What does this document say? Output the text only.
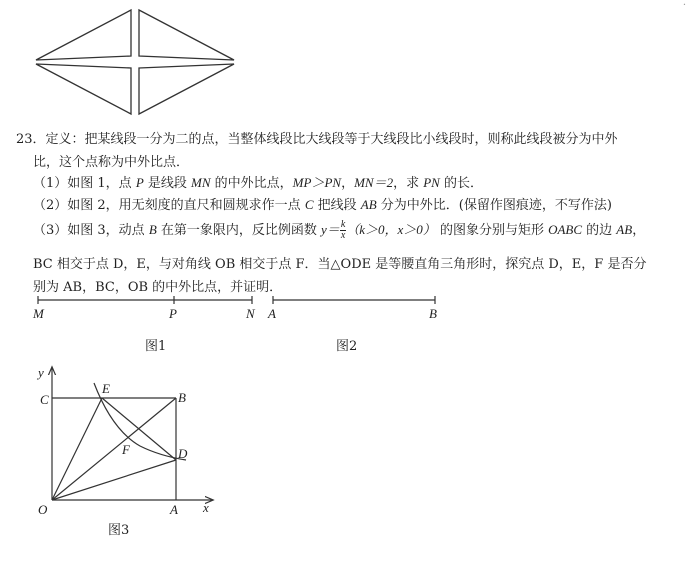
·
23．定义：把某线段一分为二的点，当整体线段比大线段等于大线段比小线段时，则称此线段被分为中外
比，这个点称为中外比点．
（1）如图 1，点 P 是线段 MN 的中外比点，MP＞PN，MN＝2，求 PN 的长．
（2）如图 2，用无刻度的直尺和圆规求作一点 C 把线段 AB 分为中外比．(保留作图痕迹，不写作法)
（3）如图 3，动点 B 在第一象限内，反比例函数 $y= \frac{k}{x} (k>0$，x＞0） 的图象分别与矩形 OABC 的边 AB，
BC 相交于点 D，E，与对角线 OB 相交于点 F．当△ODE 是等腰直角三角形时，探究点 D，E，F 是否分
别为 AB，BC，OB 的中外比点，并证明．
M	P	N
图1
A	B
图2
y
x
O	A
B
C
D
E
F
图3
